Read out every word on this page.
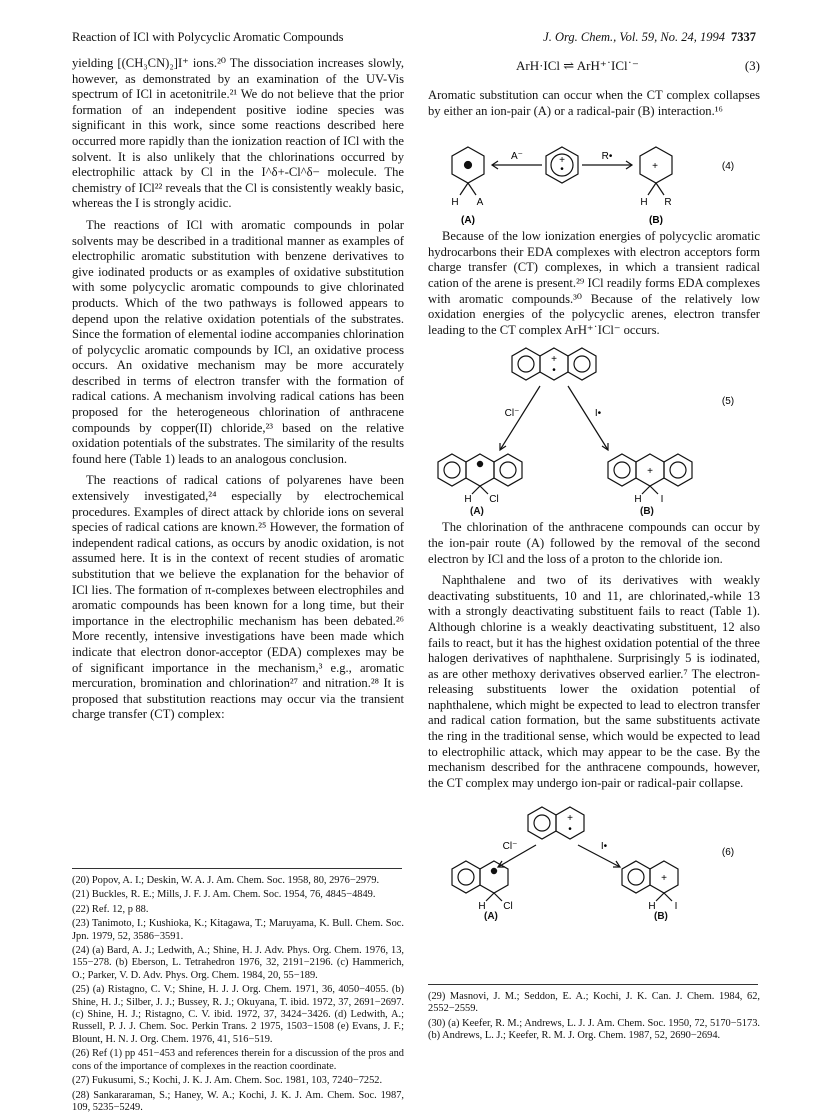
Reaction of ICl with Polycyclic Aromatic Compounds	J. Org. Chem., Vol. 59, No. 24, 1994 7337

yielding [(CH₃CN)₂]I⁺ ions.²⁰ The dissociation increases slowly, however, as demonstrated by an examination of the UV-Vis spectrum of ICl in acetonitrile.²¹ We do not believe that the prior formation of an independent positive iodine species was significant in this work, since some reactions described here occurred more rapidly than the ionization reaction of ICl with the solvent. It is also unlikely that the chlorinations occurred by electrophilic attack by Cl in the I^δ+-Cl^δ− molecule. The chemistry of ICl²² reveals that the Cl is consistently weakly basic, whereas the I is strongly acidic.

The reactions of ICl with aromatic compounds in polar solvents may be described in a traditional manner as examples of electrophilic aromatic substitution with benzene derivatives to give iodinated products or as examples of oxidative substitution with some polycyclic aromatic compounds to give chlorinated products. Which of the two pathways is followed appears to depend upon the relative oxidation potentials of the substrates. Since the formation of elemental iodine accompanies chlorination of polycyclic aromatic compounds by ICl, an oxidative process occurs. An oxidative mechanism may be more accurately described in terms of electron transfer with the formation of radical cations. A mechanism involving radical cations has been proposed for the heterogeneous chlorination of anthracene compounds by copper(II) chloride,²³ based on the relative oxidation potentials of the substrates. The similarity of the results found here (Table 1) leads to an analogous conclusion.

The reactions of radical cations of polyarenes have been extensively investigated,²⁴ especially by electrochemical procedures. Examples of direct attack by chloride ions on several species of radical cations are known.²⁵ However, the formation of independent radical cations, as occurs by anodic oxidation, is not assumed here. It is in the context of recent studies of aromatic substitution that we believe the explanation for the behavior of ICl lies. The formation of π-complexes between electrophiles and aromatic compounds has been known for a long time, but their importance in the electrophilic mechanism has been debated.²⁶ More recently, intensive investigations have been made which indicate that electron donor-acceptor (EDA) complexes may be of significant importance in the mechanism,³ e.g., aromatic mercuration, bromination and chlorination²⁷ and nitration.²⁸ It is proposed that substitution reactions may occur via the transient charge transfer (CT) complex:

ArH·ICl ⇌ ArH⁺˙ICl˙⁻	(3)

Aromatic substitution can occur when the CT complex collapses by either an ion-pair (A) or a radical-pair (B) interaction.¹⁶

+
•	+
A⁻	R•
H A	H R
(A)	(B)
(4)

Because of the low ionization energies of polycyclic aromatic hydrocarbons their EDA complexes with electron acceptors form charge transfer (CT) complexes, in which a transient radical cation of the arene is present.²⁹ ICl readily forms EDA complexes with aromatic compounds.³⁰ Because of the relatively low oxidation energies of the polycyclic arenes, electron transfer leading to the CT complex ArH⁺˙ICl⁻ occurs.

+
•
+
Cl⁻	I•
H Cl	H I
(5)
(A)	(B)

The chlorination of the anthracene compounds can occur by the ion-pair route (A) followed by the removal of the second electron by ICl and the loss of a proton to the chloride ion.

Naphthalene and two of its derivatives with weakly deactivating substituents, 10 and 11, are chlorinated,-while 13 with a strongly deactivating substituent fails to react (Table 1). Although chlorine is a weakly deactivating substituent, 12 also fails to react, but it has the highest oxidation potential of the three halogen derivatives of naphthalene. Surprisingly 5 is iodinated, as are other methoxy derivatives observed earlier.⁷ The electron-releasing substituents lower the oxidation potential of naphthalene, which might be expected to lead to electron transfer and radical cation formation, but the same substituents activate the ring in the traditional sense, which would be expected to lead to electrophilic attack, which may appear to be the case. By the mechanism described for the anthracene compounds, however, the CT complex may undergo ion-pair or radical-pair collapse.

+
•
+
Cl⁻	I•
H Cl	H I
(6)
(A)	(B)
(20) Popov, A. I.; Deskin, W. A. J. Am. Chem. Soc. 1958, 80, 2976−2979.
(21) Buckles, R. E.; Mills, J. F. J. Am. Chem. Soc. 1954, 76, 4845−4849.
(22) Ref. 12, p 88.
(23) Tanimoto, I.; Kushioka, K.; Kitagawa, T.; Maruyama, K. Bull. Chem. Soc. Jpn. 1979, 52, 3586−3591.
(24) (a) Bard, A. J.; Ledwith, A.; Shine, H. J. Adv. Phys. Org. Chem. 1976, 13, 155−278. (b) Eberson, L. Tetrahedron 1976, 32, 2191−2196. (c) Hammerich, O.; Parker, V. D. Adv. Phys. Org. Chem. 1984, 20, 55−189.
(25) (a) Ristagno, C. V.; Shine, H. J. J. Org. Chem. 1971, 36, 4050−4055. (b) Shine, H. J.; Silber, J. J.; Bussey, R. J.; Okuyana, T. ibid. 1972, 37, 2691−2697. (c) Shine, H. J.; Ristagno, C. V. ibid. 1972, 37, 3424−3426. (d) Ledwith, A.; Russell, P. J. J. Chem. Soc. Perkin Trans. 2 1975, 1503−1508 (e) Evans, J. F.; Blount, H. N. J. Org. Chem. 1976, 41, 516−519.
(26) Ref (1) pp 451−453 and references therein for a discussion of the pros and cons of the importance of complexes in the reaction coordinate.
(27) Fukusumi, S.; Kochi, J. K. J. Am. Chem. Soc. 1981, 103, 7240−7252.
(28) Sankararaman, S.; Haney, W. A.; Kochi, J. K. J. Am. Chem. Soc. 1987, 109, 5235−5249.
(29) Masnovi, J. M.; Seddon, E. A.; Kochi, J. K. Can. J. Chem. 1984, 62, 2552−2559.
(30) (a) Keefer, R. M.; Andrews, L. J. J. Am. Chem. Soc. 1950, 72, 5170−5173. (b) Andrews, L. J.; Keefer, R. M. J. Org. Chem. 1987, 52, 2690−2694.
